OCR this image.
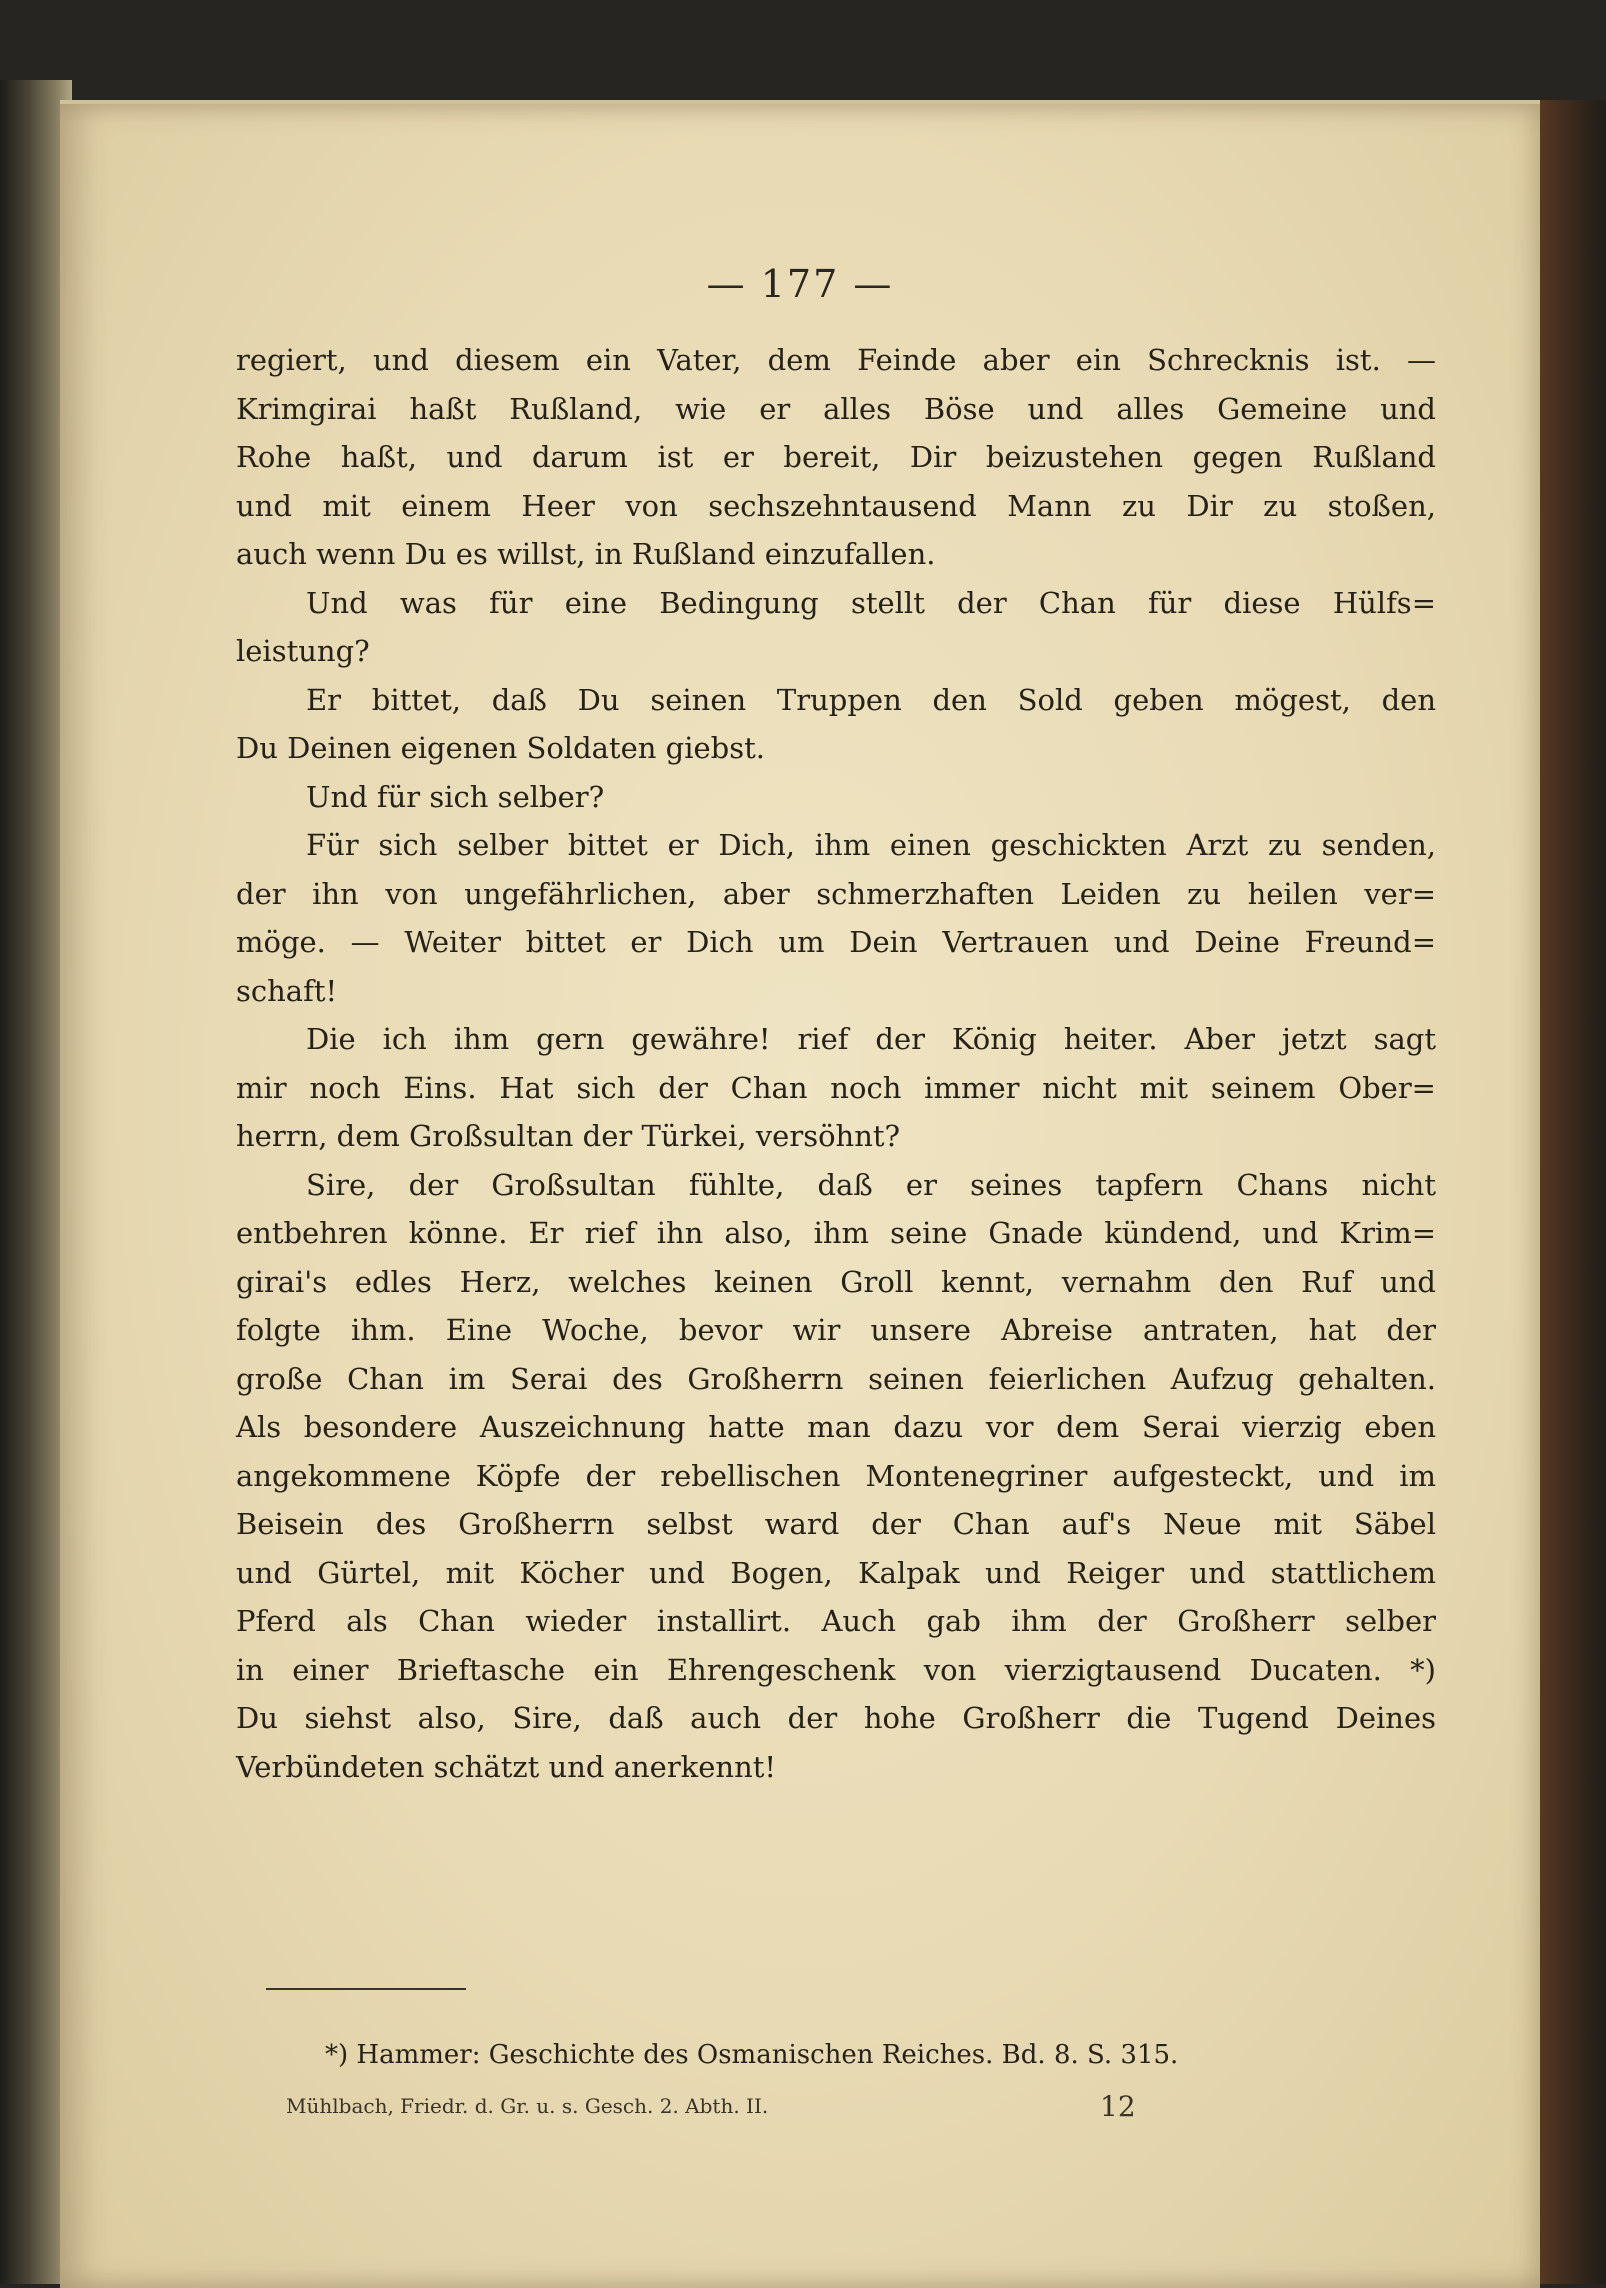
— 177 —
regiert, und diesem ein Vater, dem Feinde aber ein Schrecknis ist. —
Krimgirai haßt Rußland, wie er alles Böse und alles Gemeine und
Rohe haßt, und darum ist er bereit, Dir beizustehen gegen Rußland
und mit einem Heer von sechszehntausend Mann zu Dir zu stoßen,
auch wenn Du es willst, in Rußland einzufallen.
Und was für eine Bedingung stellt der Chan für diese Hülfs=
leistung?
Er bittet, daß Du seinen Truppen den Sold geben mögest, den
Du Deinen eigenen Soldaten giebst.
Und für sich selber?
Für sich selber bittet er Dich, ihm einen geschickten Arzt zu senden,
der ihn von ungefährlichen, aber schmerzhaften Leiden zu heilen ver=
möge. — Weiter bittet er Dich um Dein Vertrauen und Deine Freund=
schaft!
Die ich ihm gern gewähre! rief der König heiter. Aber jetzt sagt
mir noch Eins. Hat sich der Chan noch immer nicht mit seinem Ober=
herrn, dem Großsultan der Türkei, versöhnt?
Sire, der Großsultan fühlte, daß er seines tapfern Chans nicht
entbehren könne. Er rief ihn also, ihm seine Gnade kündend, und Krim=
girai's edles Herz, welches keinen Groll kennt, vernahm den Ruf und
folgte ihm. Eine Woche, bevor wir unsere Abreise antraten, hat der
große Chan im Serai des Großherrn seinen feierlichen Aufzug gehalten.
Als besondere Auszeichnung hatte man dazu vor dem Serai vierzig eben
angekommene Köpfe der rebellischen Montenegriner aufgesteckt, und im
Beisein des Großherrn selbst ward der Chan auf's Neue mit Säbel
und Gürtel, mit Köcher und Bogen, Kalpak und Reiger und stattlichem
Pferd als Chan wieder installirt. Auch gab ihm der Großherr selber
in einer Brieftasche ein Ehrengeschenk von vierzigtausend Ducaten. *)
Du siehst also, Sire, daß auch der hohe Großherr die Tugend Deines
Verbündeten schätzt und anerkennt!
*) Hammer: Geschichte des Osmanischen Reiches. Bd. 8. S. 315.
Mühlbach, Friedr. d. Gr. u. s. Gesch. 2. Abth. II.	12
